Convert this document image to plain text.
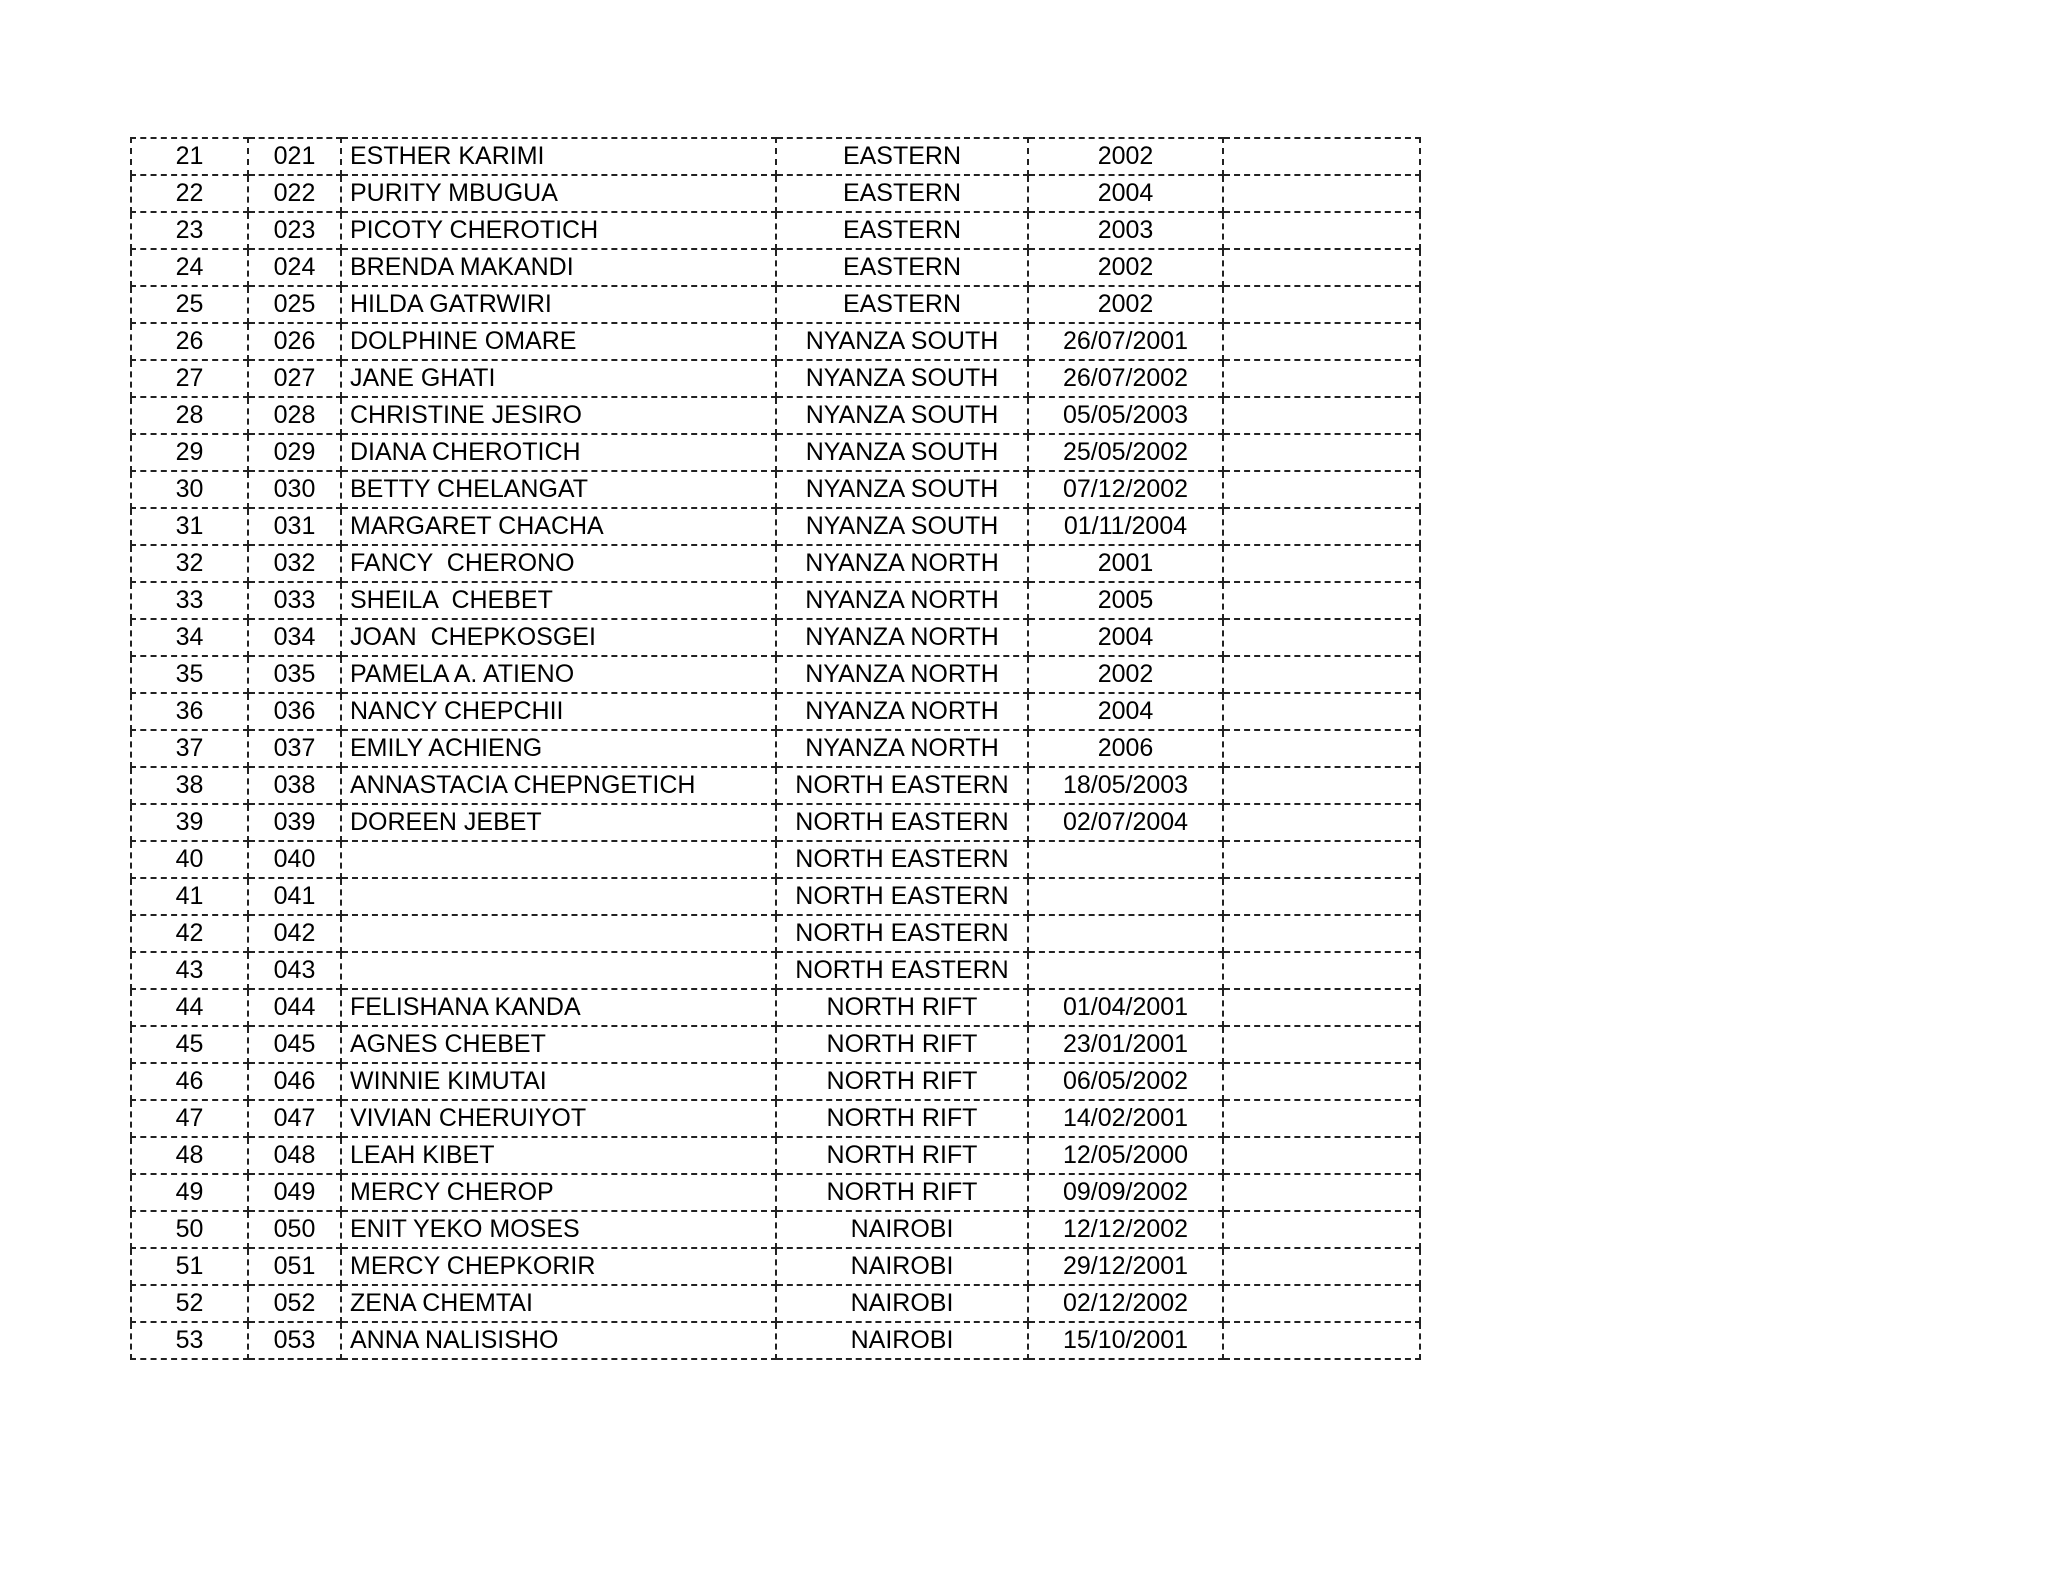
21	021	ESTHER KARIMI	EASTERN	2002	
22	022	PURITY MBUGUA	EASTERN	2004	
23	023	PICOTY CHEROTICH	EASTERN	2003	
24	024	BRENDA MAKANDI	EASTERN	2002	
25	025	HILDA GATRWIRI	EASTERN	2002	
26	026	DOLPHINE OMARE	NYANZA SOUTH	26/07/2001	
27	027	JANE GHATI	NYANZA SOUTH	26/07/2002	
28	028	CHRISTINE JESIRO	NYANZA SOUTH	05/05/2003	
29	029	DIANA CHEROTICH	NYANZA SOUTH	25/05/2002	
30	030	BETTY CHELANGAT	NYANZA SOUTH	07/12/2002	
31	031	MARGARET CHACHA	NYANZA SOUTH	01/11/2004	
32	032	FANCY  CHERONO	NYANZA NORTH	2001	
33	033	SHEILA  CHEBET	NYANZA NORTH	2005	
34	034	JOAN  CHEPKOSGEI	NYANZA NORTH	2004	
35	035	PAMELA A. ATIENO	NYANZA NORTH	2002	
36	036	NANCY CHEPCHII	NYANZA NORTH	2004	
37	037	EMILY ACHIENG	NYANZA NORTH	2006	
38	038	ANNASTACIA CHEPNGETICH	NORTH EASTERN	18/05/2003	
39	039	DOREEN JEBET	NORTH EASTERN	02/07/2004	
40	040		NORTH EASTERN		
41	041		NORTH EASTERN		
42	042		NORTH EASTERN		
43	043		NORTH EASTERN		
44	044	FELISHANA KANDA	NORTH RIFT	01/04/2001	
45	045	AGNES CHEBET	NORTH RIFT	23/01/2001	
46	046	WINNIE KIMUTAI	NORTH RIFT	06/05/2002	
47	047	VIVIAN CHERUIYOT	NORTH RIFT	14/02/2001	
48	048	LEAH KIBET	NORTH RIFT	12/05/2000	
49	049	MERCY CHEROP	NORTH RIFT	09/09/2002	
50	050	ENIT YEKO MOSES	NAIROBI	12/12/2002	
51	051	MERCY CHEPKORIR	NAIROBI	29/12/2001	
52	052	ZENA CHEMTAI	NAIROBI	02/12/2002	
53	053	ANNA NALISISHO	NAIROBI	15/10/2001	
